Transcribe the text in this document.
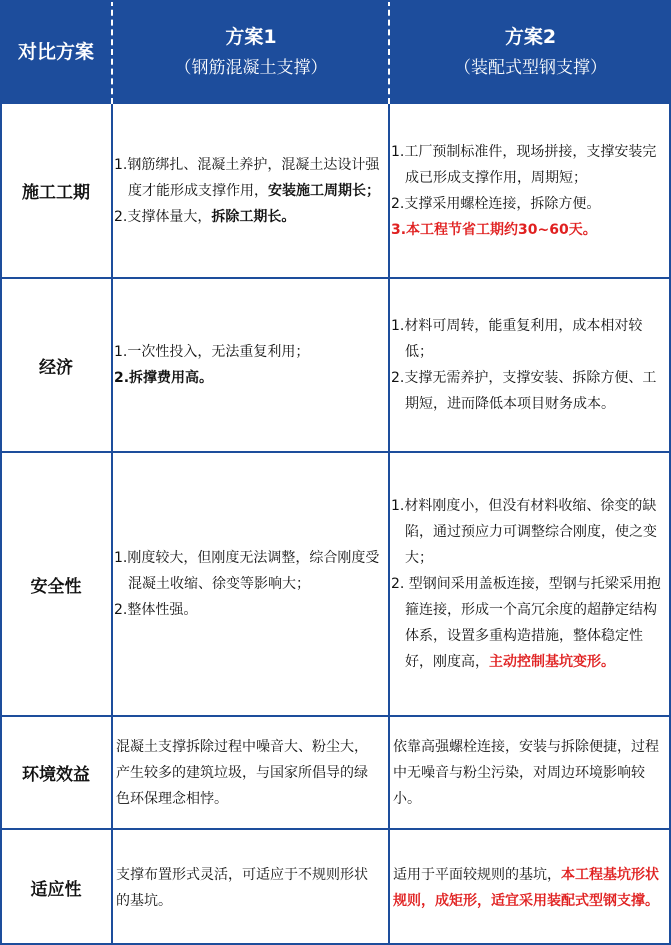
对比方案
方案1
（钢筋混凝土支撑）
方案2
（装配式型钢支撑）
施工工期

1.钢筋绑扎、混凝土养护，混凝土达设计强度才能形成支撑作用，安装施工周期长；

2.支撑体量大，拆除工期长。

1.工厂预制标准件，现场拼接，支撑安装完成已形成支撑作用，周期短；

2.支撑采用螺栓连接，拆除方便。

3.本工程节省工期约30~60天。

经济

1.一次性投入，无法重复利用；

2.拆撑费用高。

1.材料可周转，能重复利用，成本相对较低；

2.支撑无需养护，支撑安装、拆除方便、工期短，进而降低本项目财务成本。

安全性

1.刚度较大，但刚度无法调整，综合刚度受混凝土收缩、徐变等影响大；

2.整体性强。

1.材料刚度小，但没有材料收缩、徐变的缺陷，通过预应力可调整综合刚度，使之变大；

2. 型钢间采用盖板连接，型钢与托梁采用抱箍连接，形成一个高冗余度的超静定结构体系，设置多重构造措施，整体稳定性好，刚度高，主动控制基坑变形。

环境效益

混凝土支撑拆除过程中噪音大、粉尘大，产生较多的建筑垃圾，与国家所倡导的绿色环保理念相悖。

依靠高强螺栓连接，安装与拆除便捷，过程中无噪音与粉尘污染，对周边环境影响较小。

适应性

支撑布置形式灵活，可适应于不规则形状的基坑。

适用于平面较规则的基坑，本工程基坑形状规则，成矩形，适宜采用装配式型钢支撑。
